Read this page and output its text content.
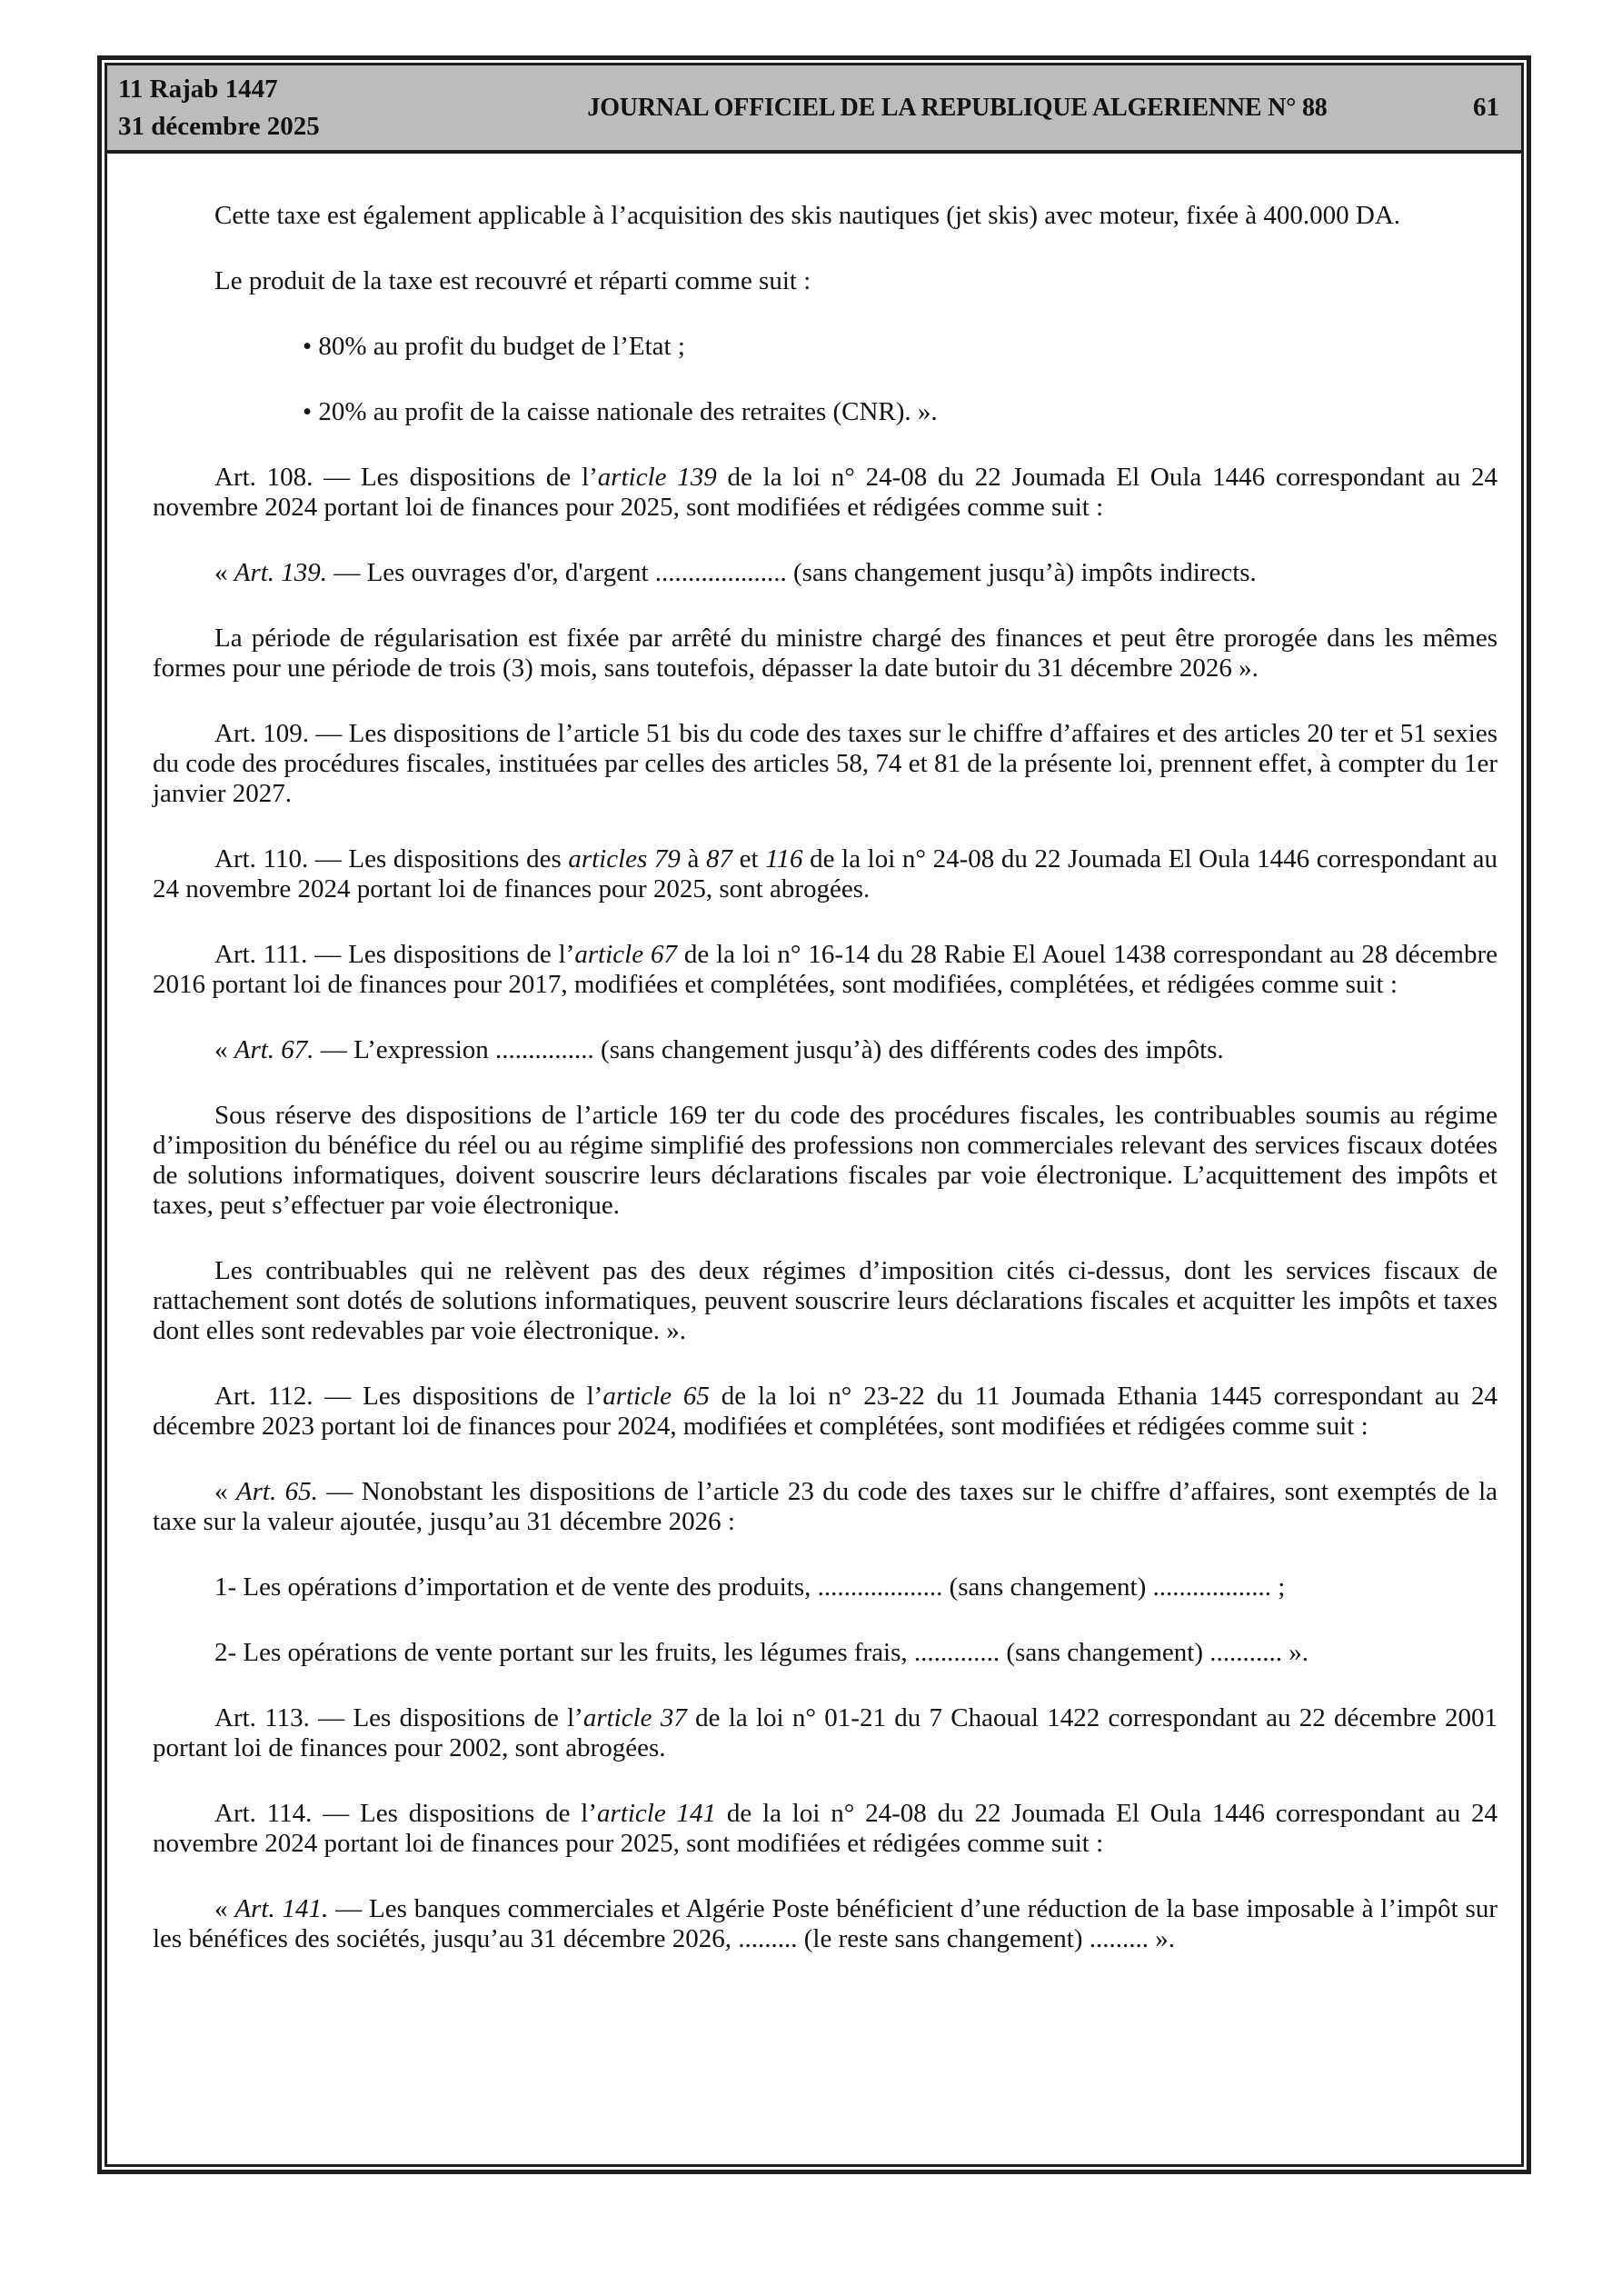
11 Rajab 1447
31 décembre 2025
JOURNAL OFFICIEL DE LA REPUBLIQUE ALGERIENNE N° 88	61

Cette taxe est également applicable à l’acquisition des skis nautiques (jet skis) avec moteur, fixée à 400.000 DA.

Le produit de la taxe est recouvré et réparti comme suit :

• 80% au profit du budget de l’Etat ;

• 20% au profit de la caisse nationale des retraites (CNR). ».

Art. 108. — Les dispositions de l’article 139 de la loi n° 24-08 du 22 Joumada El Oula 1446 correspondant au 24 novembre 2024 portant loi de finances pour 2025, sont modifiées et rédigées comme suit :

« Art. 139. — Les ouvrages d'or, d'argent .................... (sans changement jusqu’à) impôts indirects.

La période de régularisation est fixée par arrêté du ministre chargé des finances et peut être prorogée dans les mêmes formes pour une période de trois (3) mois, sans toutefois, dépasser la date butoir du 31 décembre 2026 ».

Art. 109. — Les dispositions de l’article 51 bis du code des taxes sur le chiffre d’affaires et des articles 20 ter et 51 sexies du code des procédures fiscales, instituées par celles des articles 58, 74 et 81 de la présente loi, prennent effet, à compter du 1er janvier 2027.

Art. 110. — Les dispositions des articles 79 à 87 et 116 de la loi n° 24-08 du 22 Joumada El Oula 1446 correspondant au 24 novembre 2024 portant loi de finances pour 2025, sont abrogées.

Art. 111. — Les dispositions de l’article 67 de la loi n° 16-14 du 28 Rabie El Aouel 1438 correspondant au 28 décembre 2016 portant loi de finances pour 2017, modifiées et complétées, sont modifiées, complétées, et rédigées comme suit :

« Art. 67. — L’expression ............... (sans changement jusqu’à) des différents codes des impôts.

Sous réserve des dispositions de l’article 169 ter du code des procédures fiscales, les contribuables soumis au régime d’imposition du bénéfice du réel ou au régime simplifié des professions non commerciales relevant des services fiscaux dotées de solutions informatiques, doivent souscrire leurs déclarations fiscales par voie électronique. L’acquittement des impôts et taxes, peut s’effectuer par voie électronique.

Les contribuables qui ne relèvent pas des deux régimes d’imposition cités ci-dessus, dont les services fiscaux de rattachement sont dotés de solutions informatiques, peuvent souscrire leurs déclarations fiscales et acquitter les impôts et taxes dont elles sont redevables par voie électronique. ».

Art. 112. — Les dispositions de l’article 65 de la loi n° 23-22 du 11 Joumada Ethania 1445 correspondant au 24 décembre 2023 portant loi de finances pour 2024, modifiées et complétées, sont modifiées et rédigées comme suit :

« Art. 65. — Nonobstant les dispositions de l’article 23 du code des taxes sur le chiffre d’affaires, sont exemptés de la taxe sur la valeur ajoutée, jusqu’au 31 décembre 2026 :

1- Les opérations d’importation et de vente des produits, ................... (sans changement) .................. ;

2- Les opérations de vente portant sur les fruits, les légumes frais, ............. (sans changement) ........... ».

Art. 113. — Les dispositions de l’article 37 de la loi n° 01-21 du 7 Chaoual 1422 correspondant au 22 décembre 2001 portant loi de finances pour 2002, sont abrogées.

Art. 114. — Les dispositions de l’article 141 de la loi n° 24-08 du 22 Joumada El Oula 1446 correspondant au 24 novembre 2024 portant loi de finances pour 2025, sont modifiées et rédigées comme suit :

« Art. 141. — Les banques commerciales et Algérie Poste bénéficient d’une réduction de la base imposable à l’impôt sur les bénéfices des sociétés, jusqu’au 31 décembre 2026, ......... (le reste sans changement) ......... ».
